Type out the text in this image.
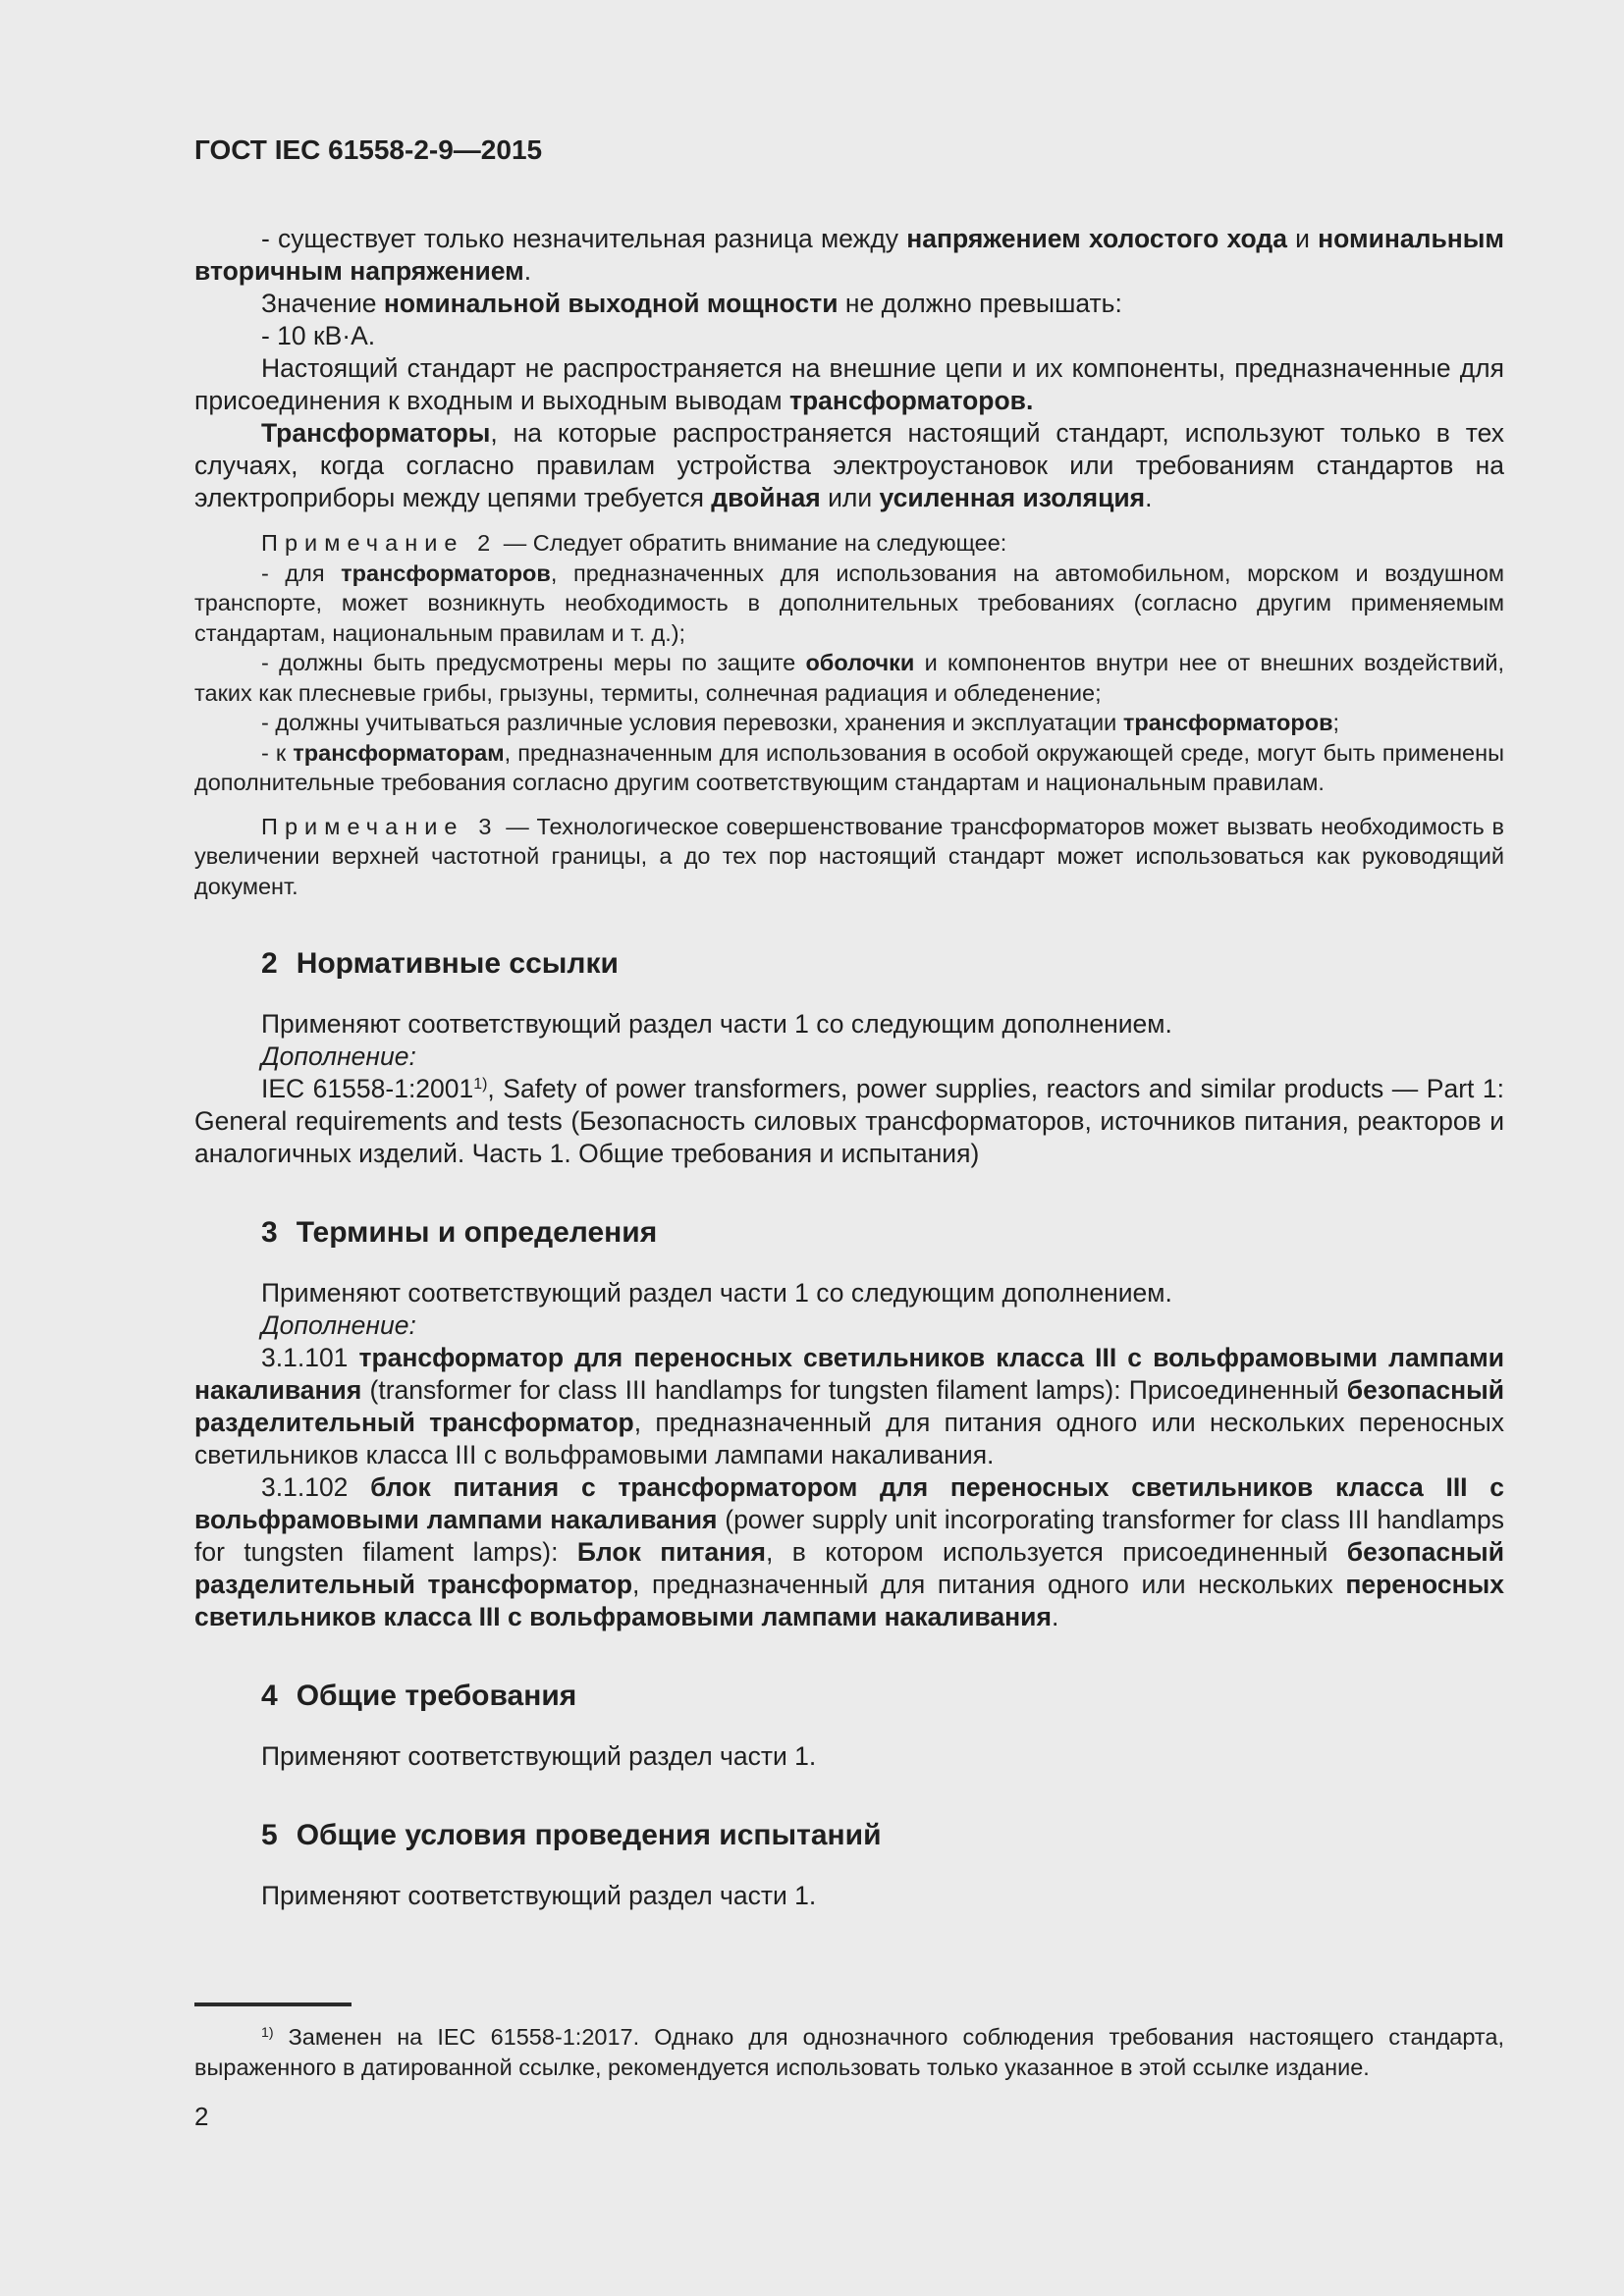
ГОСТ IEC 61558-2-9—2015

- существует только незначительная разница между напряжением холостого хода и номинальным вторичным напряжением.

Значение номинальной выходной мощности не должно превышать:

- 10 кВ·А.

Настоящий стандарт не распространяется на внешние цепи и их компоненты, предназначенные для присоединения к входным и выходным выводам трансформаторов.

Трансформаторы, на которые распространяется настоящий стандарт, используют только в тех случаях, когда согласно правилам устройства электроустановок или требованиям стандартов на электроприборы между цепями требуется двойная или усиленная изоляция.

Примечание 2 — Следует обратить внимание на следующее:

- для трансформаторов, предназначенных для использования на автомобильном, морском и воздушном транспорте, может возникнуть необходимость в дополнительных требованиях (согласно другим применяемым стандартам, национальным правилам и т. д.);

- должны быть предусмотрены меры по защите оболочки и компонентов внутри нее от внешних воздействий, таких как плесневые грибы, грызуны, термиты, солнечная радиация и обледенение;

- должны учитываться различные условия перевозки, хранения и эксплуатации трансформаторов;

- к трансформаторам, предназначенным для использования в особой окружающей среде, могут быть применены дополнительные требования согласно другим соответствующим стандартам и национальным правилам.

Примечание 3 — Технологическое совершенствование трансформаторов может вызвать необходимость в увеличении верхней частотной границы, а до тех пор настоящий стандарт может использоваться как руководящий документ.

2 Нормативные ссылки

Применяют соответствующий раздел части 1 со следующим дополнением.

Дополнение:

IEC 61558-1:2001$^{1)}$, Safety of power transformers, power supplies, reactors and similar products — Part 1: General requirements and tests (Безопасность силовых трансформаторов, источников питания, реакторов и аналогичных изделий. Часть 1. Общие требования и испытания)

3 Термины и определения

Применяют соответствующий раздел части 1 со следующим дополнением.

Дополнение:

3.1.101 трансформатор для переносных светильников класса III с вольфрамовыми лампами накаливания (transformer for class III handlamps for tungsten filament lamps): Присоединенный безопасный разделительный трансформатор, предназначенный для питания одного или нескольких переносных светильников класса III с вольфрамовыми лампами накаливания.

3.1.102 блок питания с трансформатором для переносных светильников класса III с вольфрамовыми лампами накаливания (power supply unit incorporating transformer for class III handlamps for tungsten filament lamps): Блок питания, в котором используется присоединенный безопасный разделительный трансформатор, предназначенный для питания одного или нескольких переносных светильников класса III с вольфрамовыми лампами накаливания.

4 Общие требования

Применяют соответствующий раздел части 1.

5 Общие условия проведения испытаний

Применяют соответствующий раздел части 1.

$^{1)}$ Заменен на IEC 61558-1:2017. Однако для однозначного соблюдения требования настоящего стандарта, выраженного в датированной ссылке, рекомендуется использовать только указанное в этой ссылке издание.

2
